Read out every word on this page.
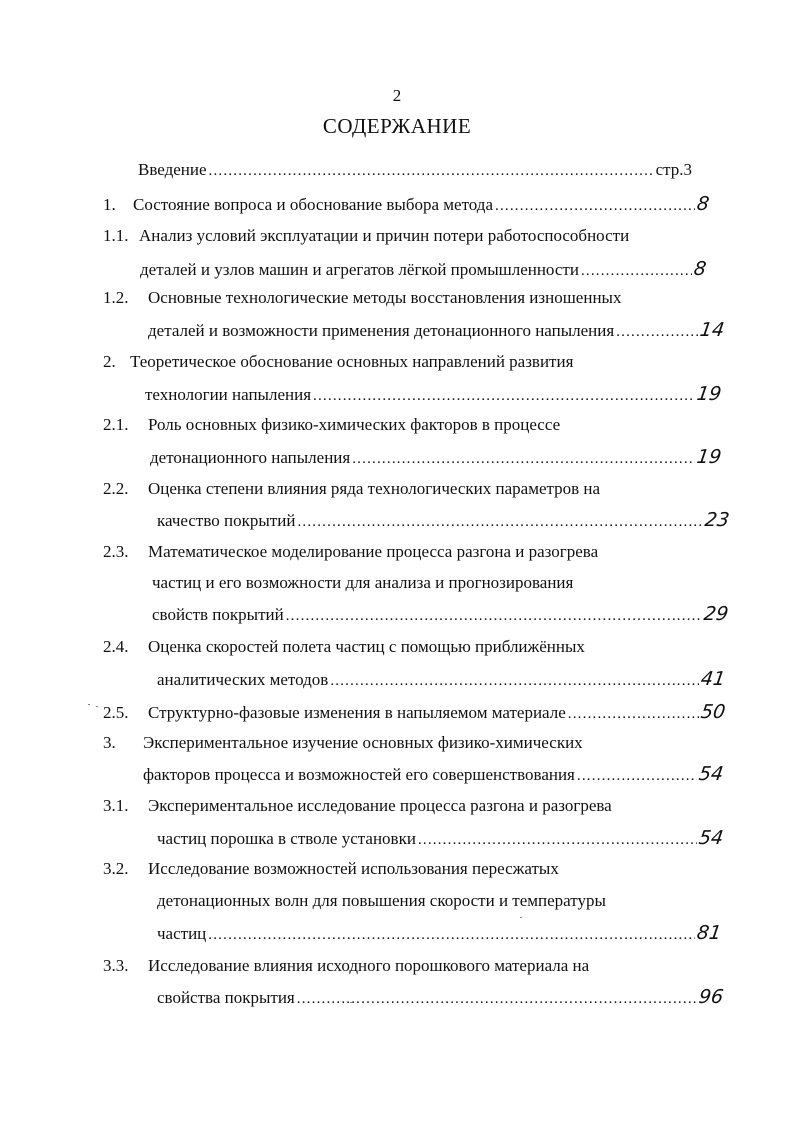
2
СОДЕРЖАНИЕ
Введение .....	стр.3
1.	Состояние вопроса и обоснование выбора метода .....	8
1.1. Анализ условий эксплуатации и причин потери работоспособности
деталей и узлов машин и агрегатов лёгкой промышленности .....	8
1.2.	Основные технологические методы восстановления изношенных
деталей и возможности применения детонационного напыления .....	14
2. Теоретическое обоснование основных направлений развития
технологии напыления .....	19
2.1.	Роль основных физико-химических факторов в процессе
детонационного напыления .....	19
2.2.	Оценка степени влияния ряда технологических параметров на
качество покрытий .....	23
2.3.	Математическое моделирование процесса разгона и разогрева
частиц и его возможности для анализа и прогнозирования
свойств покрытий .....	29
2.4.	Оценка скоростей полета частиц с помощью приближённых
аналитических методов .....	41
2.5.	Структурно-фазовые изменения в напыляемом материале .....	50
3.	Экспериментальное изучение основных физико-химических
факторов процесса и возможностей его совершенствования .....	54
3.1.	Экспериментальное исследование процесса разгона и разогрева
частиц порошка в стволе установки .....	54
3.2.	Исследование возможностей использования пересжатых
детонационных волн для повышения скорости и температуры
частиц .....	81
3.3.	Исследование влияния исходного порошкового материала на
свойства покрытия .....	96
